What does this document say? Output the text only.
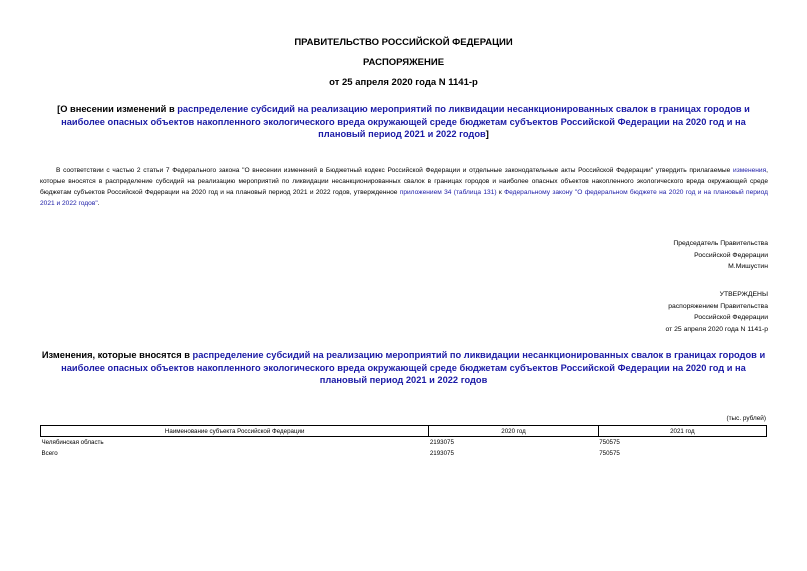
ПРАВИТЕЛЬСТВО РОССИЙСКОЙ ФЕДЕРАЦИИ
РАСПОРЯЖЕНИЕ
от 25 апреля 2020 года N 1141-р
[О внесении изменений в распределение субсидий на реализацию мероприятий по ликвидации несанкционированных свалок в границах городов и наиболее опасных объектов накопленного экологического вреда окружающей среде бюджетам субъектов Российской Федерации на 2020 год и на плановый период 2021 и 2022 годов]
В соответствии с частью 2 статьи 7 Федерального закона "О внесении изменений в Бюджетный кодекс Российской Федерации и отдельные законодательные акты Российской Федерации" утвердить прилагаемые изменения, которые вносятся в распределение субсидий на реализацию мероприятий по ликвидации несанкционированных свалок в границах городов и наиболее опасных объектов накопленного экологического вреда окружающей среде бюджетам субъектов Российской Федерации на 2020 год и на плановый период 2021 и 2022 годов, утвержденное приложением 34 (таблица 131) к Федеральному закону "О федеральном бюджете на 2020 год и на плановый период 2021 и 2022 годов".
Председатель Правительства
Российской Федерации
М.Мишустин
УТВЕРЖДЕНЫ
распоряжением Правительства
Российской Федерации
от 25 апреля 2020 года N 1141-р
Изменения, которые вносятся в распределение субсидий на реализацию мероприятий по ликвидации несанкционированных свалок в границах городов и наиболее опасных объектов накопленного экологического вреда окружающей среде бюджетам субъектов Российской Федерации на 2020 год и на плановый период 2021 и 2022 годов
(тыс. рублей)
Наименование субъекта Российской Федерации	2020 год	2021 год
Челябинская область	2193075	750575
Всего	2193075	750575
